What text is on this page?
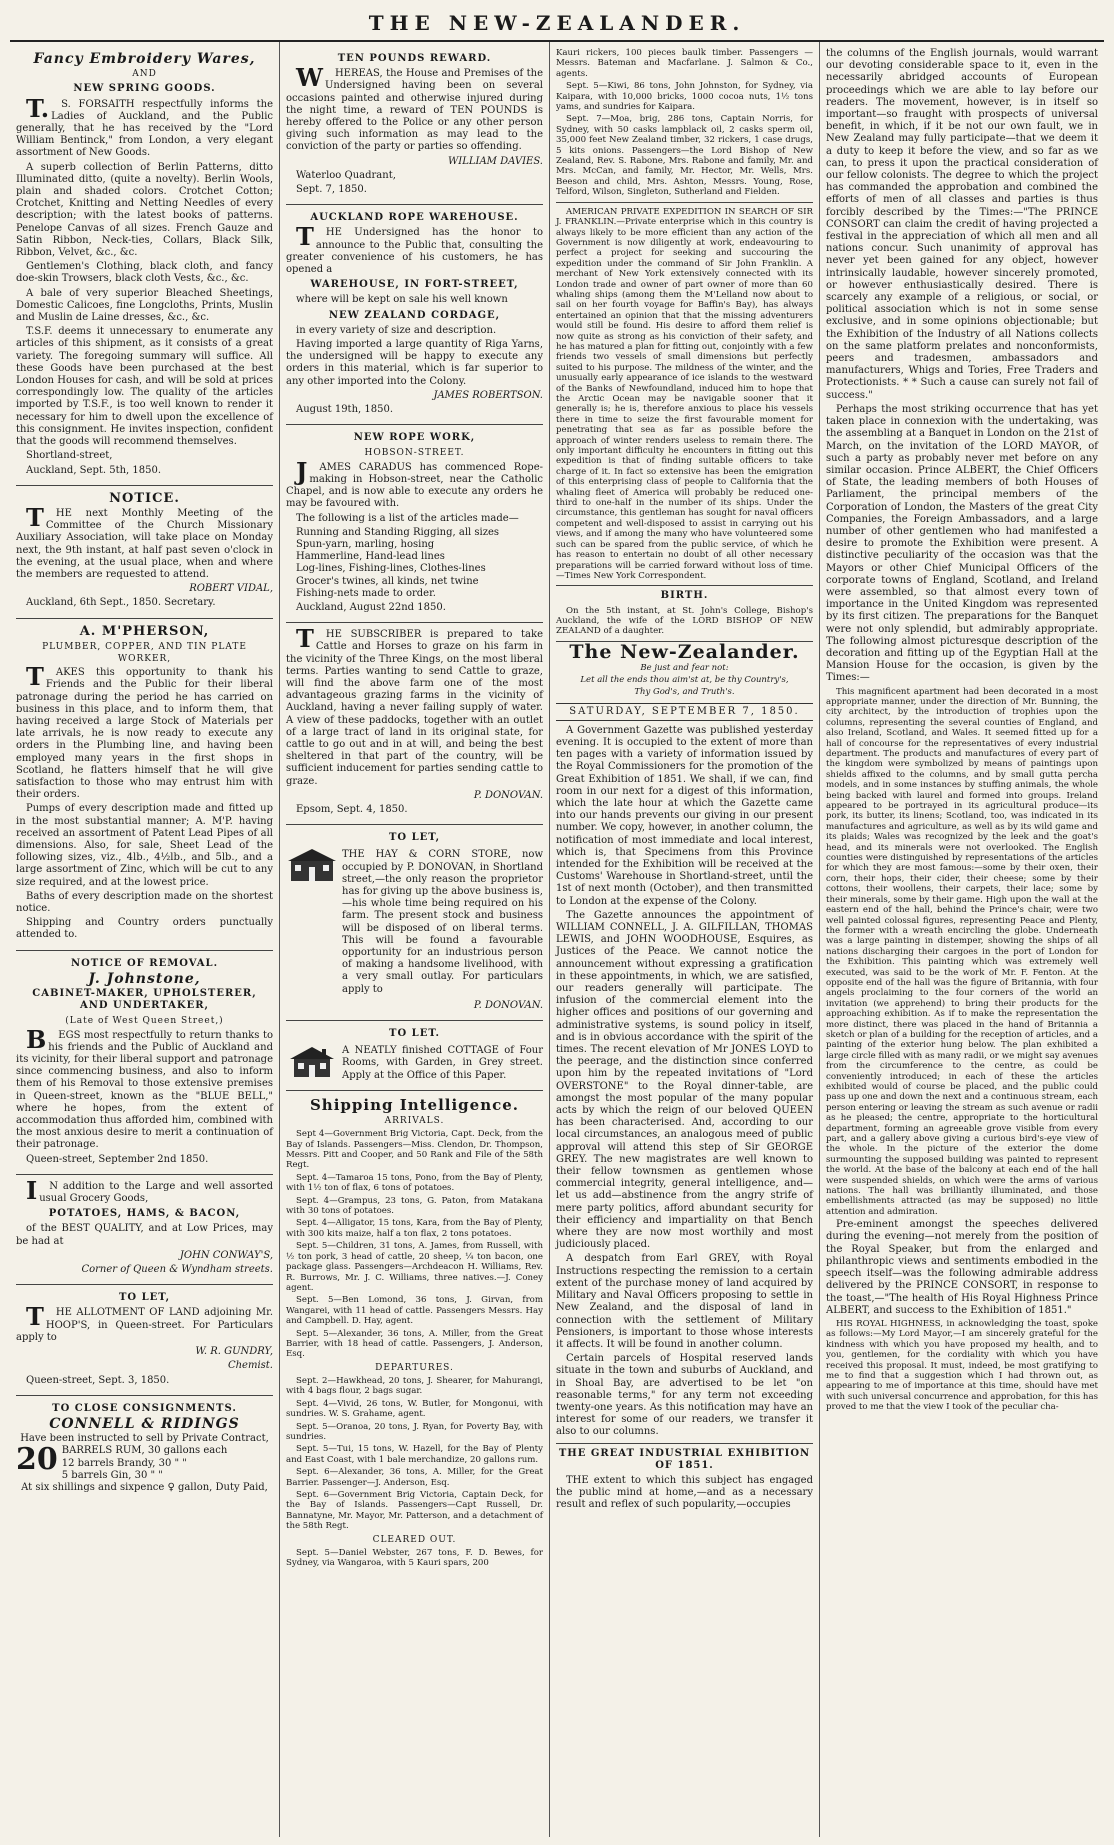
THE NEW-ZEALANDER.
Fancy Embroidery Wares,
AND
NEW SPRING GOODS.

T.S. FORSAITH respectfully informs the Ladies of Auckland, and the Public generally, that he has received by the "Lord William Bentinck," from London, a very elegant assortment of New Goods.

A superb collection of Berlin Patterns, ditto Illuminated ditto, (quite a novelty). Berlin Wools, plain and shaded colors. Crotchet Cotton; Crotchet, Knitting and Netting Needles of every description; with the latest books of patterns. Penelope Canvas of all sizes. French Gauze and Satin Ribbon, Neck-ties, Collars, Black Silk, Ribbon, Velvet, &c., &c.

Gentlemen's Clothing, black cloth, and fancy doe-skin Trowsers, black cloth Vests, &c., &c.

A bale of very superior Bleached Sheetings, Domestic Calicoes, fine Longcloths, Prints, Muslin and Muslin de Laine dresses, &c., &c.

T.S.F. deems it unnecessary to enumerate any articles of this shipment, as it consists of a great variety. The foregoing summary will suffice. All these Goods have been purchased at the best London Houses for cash, and will be sold at prices correspondingly low. The quality of the articles imported by T.S.F., is too well known to render it necessary for him to dwell upon the excellence of this consignment. He invites inspection, confident that the goods will recommend themselves.

Shortland-street,

Auckland, Sept. 5th, 1850.

NOTICE.

THE next Monthly Meeting of the Committee of the Church Missionary Auxiliary Association, will take place on Monday next, the 9th instant, at half past seven o'clock in the evening, at the usual place, when and where the members are requested to attend.

ROBERT VIDAL,

Auckland, 6th Sept., 1850. Secretary.

A. M'PHERSON,
PLUMBER, COPPER, AND TIN PLATE WORKER,

TAKES this opportunity to thank his Friends and the Public for their liberal patronage during the period he has carried on business in this place, and to inform them, that having received a large Stock of Materials per late arrivals, he is now ready to execute any orders in the Plumbing line, and having been employed many years in the first shops in Scotland, he flatters himself that he will give satisfaction to those who may entrust him with their orders.

Pumps of every description made and fitted up in the most substantial manner; A. M'P. having received an assortment of Patent Lead Pipes of all dimensions. Also, for sale, Sheet Lead of the following sizes, viz., 4lb., 4½lb., and 5lb., and a large assortment of Zinc, which will be cut to any size required, and at the lowest price.

Baths of every description made on the shortest notice.

Shipping and Country orders punctually attended to.

NOTICE OF REMOVAL.
J. Johnstone,
CABINET-MAKER, UPHOLSTERER, AND UNDERTAKER,
(Late of West Queen Street,)

BEGS most respectfully to return thanks to his friends and the Public of Auckland and its vicinity, for their liberal support and patronage since commencing business, and also to inform them of his Removal to those extensive premises in Queen-street, known as the "BLUE BELL," where he hopes, from the extent of accommodation thus afforded him, combined with the most anxious desire to merit a continuation of their patronage.

Queen-street, September 2nd 1850.

IN addition to the Large and well assorted usual Grocery Goods,

POTATOES, HAMS, & BACON,

of the BEST QUALITY, and at Low Prices, may be had at

JOHN CONWAY'S,
Corner of Queen & Wyndham streets.
TO LET,

THE ALLOTMENT OF LAND adjoining Mr. HOOP'S, in Queen-street. For Particulars apply to

W. R. GUNDRY,
Chemist.

Queen-street, Sept. 3, 1850.

TO CLOSE CONSIGNMENTS.
CONNELL & RIDINGS
Have been instructed to sell by Private Contract,
20 BARRELS RUM, 30 gallons each
12 barrels Brandy, 30 " "
5 barrels Gin, 30 " "
At six shillings and sixpence ♀ gallon, Duty Paid,
TEN POUNDS REWARD.

WHEREAS, the House and Premises of the Undersigned having been on several occasions painted and otherwise injured during the night time, a reward of TEN POUNDS is hereby offered to the Police or any other person giving such information as may lead to the conviction of the party or parties so offending.

WILLIAM DAVIES.

Waterloo Quadrant,

Sept. 7, 1850.

AUCKLAND ROPE WAREHOUSE.

THE Undersigned has the honor to announce to the Public that, consulting the greater convenience of his customers, he has opened a

WAREHOUSE, IN FORT-STREET,

where will be kept on sale his well known

NEW ZEALAND CORDAGE,

in every variety of size and description.

Having imported a large quantity of Riga Yarns, the undersigned will be happy to execute any orders in this material, which is far superior to any other imported into the Colony.

JAMES ROBERTSON.

August 19th, 1850.

NEW ROPE WORK,
HOBSON-STREET.

JAMES CARADUS has commenced Rope-making in Hobson-street, near the Catholic Chapel, and is now able to execute any orders he may be favoured with.

The following is a list of the articles made—

Running and Standing Rigging, all sizes
Spun-yarn, marling, hosing
Hammerline, Hand-lead lines
Log-lines, Fishing-lines, Clothes-lines
Grocer's twines, all kinds, net twine
Fishing-nets made to order.

Auckland, August 22nd 1850.

THE SUBSCRIBER is prepared to take Cattle and Horses to graze on his farm in the vicinity of the Three Kings, on the most liberal terms. Parties wanting to send Cattle to graze, will find the above farm one of the most advantageous grazing farms in the vicinity of Auckland, having a never failing supply of water. A view of these paddocks, together with an outlet of a large tract of land in its original state, for cattle to go out and in at will, and being the best sheltered in that part of the country, will be sufficient inducement for parties sending cattle to graze.

P. DONOVAN.

Epsom, Sept. 4, 1850.

TO LET,

THE HAY & CORN STORE, now occupied by P. DONOVAN, in Shortland street,—the only reason the proprietor has for giving up the above business is,—his whole time being required on his farm. The present stock and business will be disposed of on liberal terms. This will be found a favourable opportunity for an industrious person of making a handsome livelihood, with a very small outlay. For particulars apply to

P. DONOVAN.
TO LET.

A NEATLY finished COTTAGE of Four Rooms, with Garden, in Grey street. Apply at the Office of this Paper.

Shipping Intelligence.
ARRIVALS.

Sept 4—Government Brig Victoria, Capt. Deck, from the Bay of Islands. Passengers—Miss. Clendon, Dr. Thompson, Messrs. Pitt and Cooper, and 50 Rank and File of the 58th Regt.

Sept. 4—Tamaroa 15 tons, Pono, from the Bay of Plenty, with 1½ ton of flax, 6 tons of potatoes.

Sept. 4—Grampus, 23 tons, G. Paton, from Matakana with 30 tons of potatoes.

Sept. 4—Alligator, 15 tons, Kara, from the Bay of Plenty, with 300 kits maize, half a ton flax, 2 tons potatoes.

Sept. 5—Children, 31 tons, A. James, from Russell, with ½ ton pork, 3 head of cattle, 20 sheep, ¼ ton bacon, one package glass. Passengers—Archdeacon H. Williams, Rev. R. Burrows, Mr. J. C. Williams, three natives.—J. Coney agent.

Sept. 5—Ben Lomond, 36 tons, J. Girvan, from Wangarei, with 11 head of cattle. Passengers Messrs. Hay and Campbell. D. Hay, agent.

Sept. 5—Alexander, 36 tons, A. Miller, from the Great Barrier, with 18 head of cattle. Passengers, J. Anderson, Esq.

DEPARTURES.

Sept. 2—Hawkhead, 20 tons, J. Shearer, for Mahurangi, with 4 bags flour, 2 bags sugar.

Sept. 4—Vivid, 26 tons, W. Butler, for Mongonui, with sundries. W. S. Grahame, agent.

Sept. 5—Oranoa, 20 tons, J. Ryan, for Poverty Bay, with sundries.

Sept. 5—Tui, 15 tons, W. Hazell, for the Bay of Plenty and East Coast, with 1 bale merchandize, 20 gallons rum.

Sept. 6—Alexander, 36 tons, A. Miller, for the Great Barrier. Passenger—J. Anderson, Esq.

Sept. 6—Government Brig Victoria, Captain Deck, for the Bay of Islands. Passengers—Capt Russell, Dr. Bannatyne, Mr. Mayor, Mr. Patterson, and a detachment of the 58th Regt.

CLEARED OUT.

Sept. 5—Daniel Webster, 267 tons, F. D. Bewes, for Sydney, via Wangaroa, with 5 Kauri spars, 200

Kauri rickers, 100 pieces baulk timber. Passengers —Messrs. Bateman and Macfarlane. J. Salmon & Co., agents.

Sept. 5—Kiwi, 86 tons, John Johnston, for Sydney, via Kaipara, with 10,000 bricks, 1000 cocoa nuts, 1½ tons yams, and sundries for Kaipara.

Sept. 7—Moa, brig, 286 tons, Captain Norris, for Sydney, with 50 casks lampblack oil, 2 casks sperm oil, 35,000 feet New Zealand timber, 32 rickers, 1 case drugs, 5 kits onions. Passengers—the Lord Bishop of New Zealand, Rev. S. Rabone, Mrs. Rabone and family, Mr. and Mrs. McCan, and family, Mr. Hector, Mr. Wells, Mrs. Beeson and child, Mrs. Ashton, Messrs. Young, Rose, Telford, Wilson, Singleton, Sutherland and Fielden.

AMERICAN PRIVATE EXPEDITION IN SEARCH OF SIR J. FRANKLIN.—Private enterprise which in this country is always likely to be more efficient than any action of the Government is now diligently at work, endeavouring to perfect a project for seeking and succouring the expedition under the command of Sir John Franklin. A merchant of New York extensively connected with its London trade and owner of part owner of more than 60 whaling ships (among them the M'Lelland now about to sail on her fourth voyage for Baffin's Bay), has always entertained an opinion that that the missing adventurers would still be found. His desire to afford them relief is now quite as strong as his conviction of their safety, and he has matured a plan for fitting out, conjointly with a few friends two vessels of small dimensions but perfectly suited to his purpose. The mildness of the winter, and the unusually early appearance of ice islands to the westward of the Banks of Newfoundland, induced him to hope that the Arctic Ocean may be navigable sooner that it generally is; he is, therefore anxious to place his vessels there in time to seize the first favourable moment for penetrating that sea as far as possible before the approach of winter renders useless to remain there. The only important difficulty he encounters in fitting out this expedition is that of finding suitable officers to take charge of it. In fact so extensive has been the emigration of this enterprising class of people to California that the whaling fleet of America will probably be reduced one-third to one-half in the number of its ships. Under the circumstance, this gentleman has sought for naval officers competent and well-disposed to assist in carrying out his views, and if among the many who have volunteered some such can be spared from the public service, of which he has reason to entertain no doubt of all other necessary preparations will be carried forward without loss of time.—Times New York Correspondent.

BIRTH.

On the 5th instant, at St. John's College, Bishop's Auckland, the wife of the LORD BISHOP OF NEW ZEALAND of a daughter.

The New-Zealander.
Be just and fear not:
Let all the ends thou aim'st at, be thy Country's,
Thy God's, and Truth's.
SATURDAY, SEPTEMBER 7, 1850.

A Government Gazette was published yesterday evening. It is occupied to the extent of more than ten pages with a variety of information issued by the Royal Commissioners for the promotion of the Great Exhibition of 1851. We shall, if we can, find room in our next for a digest of this information, which the late hour at which the Gazette came into our hands prevents our giving in our present number. We copy, however, in another column, the notification of most immediate and local interest, which is, that Specimens from this Province intended for the Exhibition will be received at the Customs' Warehouse in Shortland-street, until the 1st of next month (October), and then transmitted to London at the expense of the Colony.

The Gazette announces the appointment of WILLIAM CONNELL, J. A. GILFILLAN, THOMAS LEWIS, and JOHN WOODHOUSE, Esquires, as Justices of the Peace. We cannot notice the announcement without expressing a gratification in these appointments, in which, we are satisfied, our readers generally will participate. The infusion of the commercial element into the higher offices and positions of our governing and administrative systems, is sound policy in itself, and is in obvious accordance with the spirit of the times. The recent elevation of Mr JONES LOYD to the peerage, and the distinction since conferred upon him by the repeated invitations of "Lord OVERSTONE" to the Royal dinner-table, are amongst the most popular of the many popular acts by which the reign of our beloved QUEEN has been characterised. And, according to our local circumstances, an analogous meed of public approval will attend this step of Sir GEORGE GREY. The new magistrates are well known to their fellow townsmen as gentlemen whose commercial integrity, general intelligence, and—let us add—abstinence from the angry strife of mere party politics, afford abundant security for their efficiency and impartiality on that Bench where they are now most worthily and most judiciously placed.

A despatch from Earl GREY, with Royal Instructions respecting the remission to a certain extent of the purchase money of land acquired by Military and Naval Officers proposing to settle in New Zealand, and the disposal of land in connection with the settlement of Military Pensioners, is important to those whose interests it affects. It will be found in another column.

Certain parcels of Hospital reserved lands situate in the town and suburbs of Auckland, and in Shoal Bay, are advertised to be let "on reasonable terms," for any term not exceeding twenty-one years. As this notification may have an interest for some of our readers, we transfer it also to our columns.

THE GREAT INDUSTRIAL EXHIBITION OF 1851.

THE extent to which this subject has engaged the public mind at home,—and as a necessary result and reflex of such popularity,—occupies

the columns of the English journals, would warrant our devoting considerable space to it, even in the necessarily abridged accounts of European proceedings which we are able to lay before our readers. The movement, however, is in itself so important—so fraught with prospects of universal benefit, in which, if it be not our own fault, we in New Zealand may fully participate—that we deem it a duty to keep it before the view, and so far as we can, to press it upon the practical consideration of our fellow colonists. The degree to which the project has commanded the approbation and combined the efforts of men of all classes and parties is thus forcibly described by the Times:—"The PRINCE CONSORT can claim the credit of having projected a festival in the appreciation of which all men and all nations concur. Such unanimity of approval has never yet been gained for any object, however intrinsically laudable, however sincerely promoted, or however enthusiastically desired. There is scarcely any example of a religious, or social, or political association which is not in some sense exclusive, and in some opinions objectionable; but the Exhibition of the Industry of all Nations collects on the same platform prelates and nonconformists, peers and tradesmen, ambassadors and manufacturers, Whigs and Tories, Free Traders and Protectionists. * * Such a cause can surely not fail of success."

Perhaps the most striking occurrence that has yet taken place in connexion with the undertaking, was the assembling at a Banquet in London on the 21st of March, on the invitation of the LORD MAYOR, of such a party as probably never met before on any similar occasion. Prince ALBERT, the Chief Officers of State, the leading members of both Houses of Parliament, the principal members of the Corporation of London, the Masters of the great City Companies, the Foreign Ambassadors, and a large number of other gentlemen who had manifested a desire to promote the Exhibition were present. A distinctive peculiarity of the occasion was that the Mayors or other Chief Municipal Officers of the corporate towns of England, Scotland, and Ireland were assembled, so that almost every town of importance in the United Kingdom was represented by its first citizen. The preparations for the Banquet were not only splendid, but admirably appropriate. The following almost picturesque description of the decoration and fitting up of the Egyptian Hall at the Mansion House for the occasion, is given by the Times:—

This magnificent apartment had been decorated in a most appropriate manner, under the direction of Mr. Bunning, the city architect, by the introduction of trophies upon the columns, representing the several counties of England, and also Ireland, Scotland, and Wales. It seemed fitted up for a hall of concourse for the representatives of every industrial department. The products and manufactures of every part of the kingdom were symbolized by means of paintings upon shields affixed to the columns, and by small gutta percha models, and in some instances by stuffing animals, the whole being backed with laurel and formed into groups. Ireland appeared to be portrayed in its agricultural produce—its pork, its butter, its linens; Scotland, too, was indicated in its manufactures and agriculture, as well as by its wild game and its plaids; Wales was recognized by the leek and the goat's head, and its minerals were not overlooked. The English counties were distinguished by representations of the articles for which they are most famous:—some by their oxen, their corn, their hops, their cider, their cheese; some by their cottons, their woollens, their carpets, their lace; some by their minerals, some by their game. High upon the wall at the eastern end of the hall, behind the Prince's chair, were two well painted colossal figures, representing Peace and Plenty, the former with a wreath encircling the globe. Underneath was a large painting in distemper, showing the ships of all nations discharging their cargoes in the port of London for the Exhibition. This painting which was extremely well executed, was said to be the work of Mr. F. Fenton. At the opposite end of the hall was the figure of Britannia, with four angels proclaiming to the four corners of the world an invitation (we apprehend) to bring their products for the approaching exhibition. As if to make the representation the more distinct, there was placed in the hand of Britannia a sketch or plan of a building for the reception of articles, and a painting of the exterior hung below. The plan exhibited a large circle filled with as many radii, or we might say avenues from the circumference to the centre, as could be conveniently introduced; in each of these the articles exhibited would of course be placed, and the public could pass up one and down the next and a continuous stream, each person entering or leaving the stream as such avenue or radii as he pleased; the centre, appropriate to the horticultural department, forming an agreeable grove visible from every part, and a gallery above giving a curious bird's-eye view of the whole. In the picture of the exterior the dome surmounting the supposed building was painted to represent the world. At the base of the balcony at each end of the hall were suspended shields, on which were the arms of various nations. The hall was brilliantly illuminated, and those embellishments attracted (as may be supposed) no little attention and admiration.

Pre-eminent amongst the speeches delivered during the evening—not merely from the position of the Royal Speaker, but from the enlarged and philanthropic views and sentiments embodied in the speech itself—was the following admirable address delivered by the PRINCE CONSORT, in response to the toast,—"The health of His Royal Highness Prince ALBERT, and success to the Exhibition of 1851."

HIS ROYAL HIGHNESS, in acknowledging the toast, spoke as follows:—My Lord Mayor,—I am sincerely grateful for the kindness with which you have proposed my health, and to you, gentlemen, for the cordiality with which you have received this proposal. It must, indeed, be most gratifying to me to find that a suggestion which I had thrown out, as appearing to me of importance at this time, should have met with such universal concurrence and approbation, for this has proved to me that the view I took of the peculiar cha-
